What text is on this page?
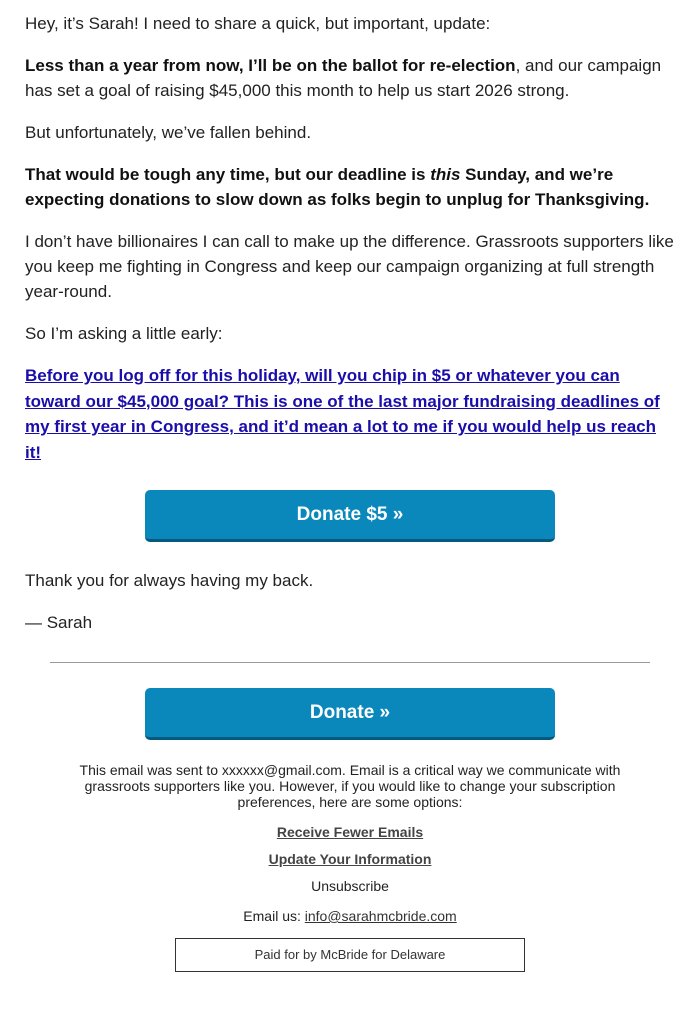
Hey, it’s Sarah! I need to share a quick, but important, update:

Less than a year from now, I’ll be on the ballot for re-election, and our campaign has set a goal of raising $45,000 this month to help us start 2026 strong.

But unfortunately, we’ve fallen behind.

That would be tough any time, but our deadline is this Sunday, and we’re expecting donations to slow down as folks begin to unplug for Thanksgiving.

I don’t have billionaires I can call to make up the difference. Grassroots supporters like you keep me fighting in Congress and keep our campaign organizing at full strength year-round.

So I’m asking a little early:

Before you log off for this holiday, will you chip in $5 or whatever you can toward our $45,000 goal? This is one of the last major fundraising deadlines of my first year in Congress, and it’d mean a lot to me if you would help us reach it!

Donate $5 »

Thank you for always having my back.

— Sarah

Donate »

This email was sent to xxxxxx@gmail.com. Email is a critical way we communicate with grassroots supporters like you. However, if you would like to change your subscription preferences, here are some options:

Receive Fewer Emails

Update Your Information

Unsubscribe

Email us: info@sarahmcbride.com

Paid for by McBride for Delaware
